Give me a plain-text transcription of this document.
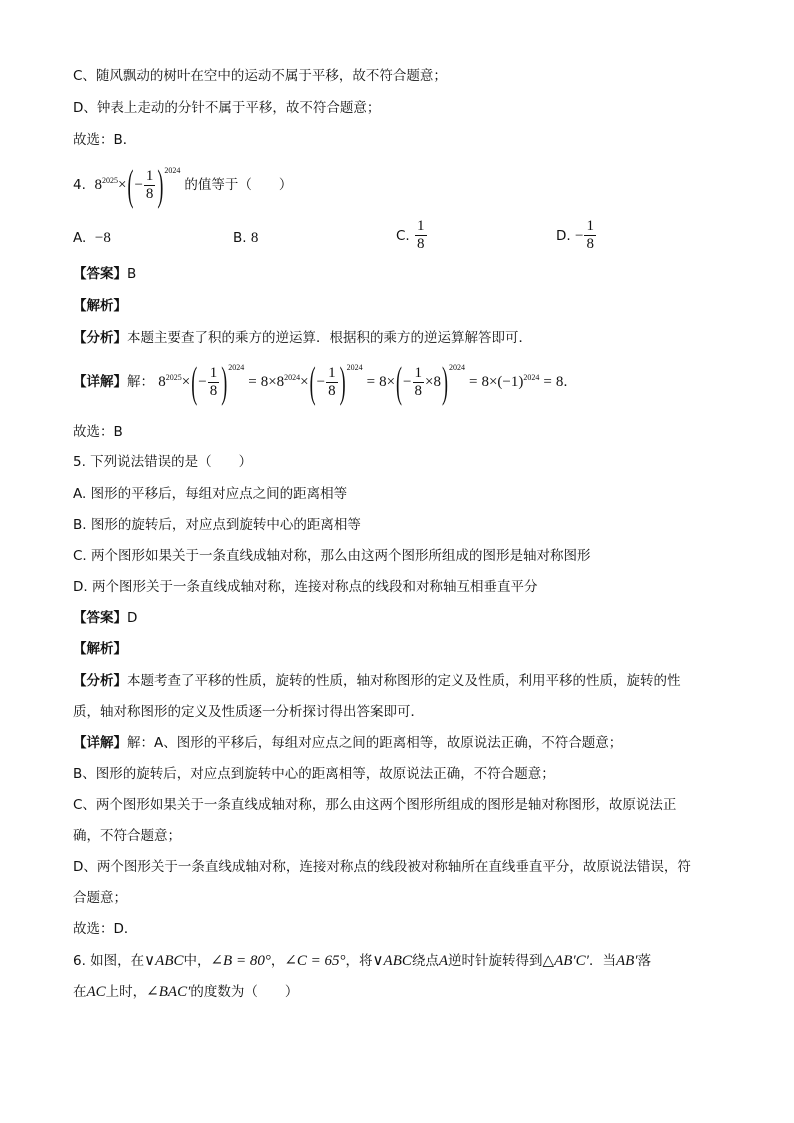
C、随风飘动的树叶在空中的运动不属于平移，故不符合题意；
D、钟表上走动的分针不属于平移，故不符合题意；
故选：B．
4.
8 2025 × ( − $\frac{1}{8}$ ) 2024
的值等于（　　）
A. −8	B. 8	C.
$\frac{1}{8}$	D.
− $\frac{1}{8}$
【答案】B
【解析】
【分析】本题主要查了积的乘方的逆运算．根据积的乘方的逆运算解答即可．
【详解】 解：
8 2025 × ( − $\frac{1}{8}$ ) 2024
= 8 × 8 2024 × ( − $\frac{1}{8}$ ) 2024
= 8 × ( − $\frac{1}{8} \times 8$ ) 2024
= 8 × (−1) 2024 = 8 ．
故选：B
5. 下列说法错误的是（　　）
A. 图形的平移后，每组对应点之间的距离相等
B. 图形的旋转后，对应点到旋转中心的距离相等
C. 两个图形如果关于一条直线成轴对称，那么由这两个图形所组成的图形是轴对称图形
D. 两个图形关于一条直线成轴对称，连接对称点的线段和对称轴互相垂直平分
【答案】D
【解析】
【分析】本题考查了平移的性质，旋转的性质，轴对称图形的定义及性质，利用平移的性质，旋转的性
质，轴对称图形的定义及性质逐一分析探讨得出答案即可．
【详解】解：A、图形的平移后，每组对应点之间的距离相等，故原说法正确，不符合题意；
B、图形的旋转后，对应点到旋转中心的距离相等，故原说法正确，不符合题意；
C、两个图形如果关于一条直线成轴对称，那么由这两个图形所组成的图形是轴对称图形，故原说法正
确，不符合题意；
D、两个图形关于一条直线成轴对称，连接对称点的线段被对称轴所在直线垂直平分，故原说法错误，符
合题意；
故选：D．
6. 如图，在∨ABC中，∠B = 80°，∠C = 65°，将∨ABC绕点A逆时针旋转得到△AB′C′．当AB′落
在AC上时，∠BAC′的度数为（　　）
